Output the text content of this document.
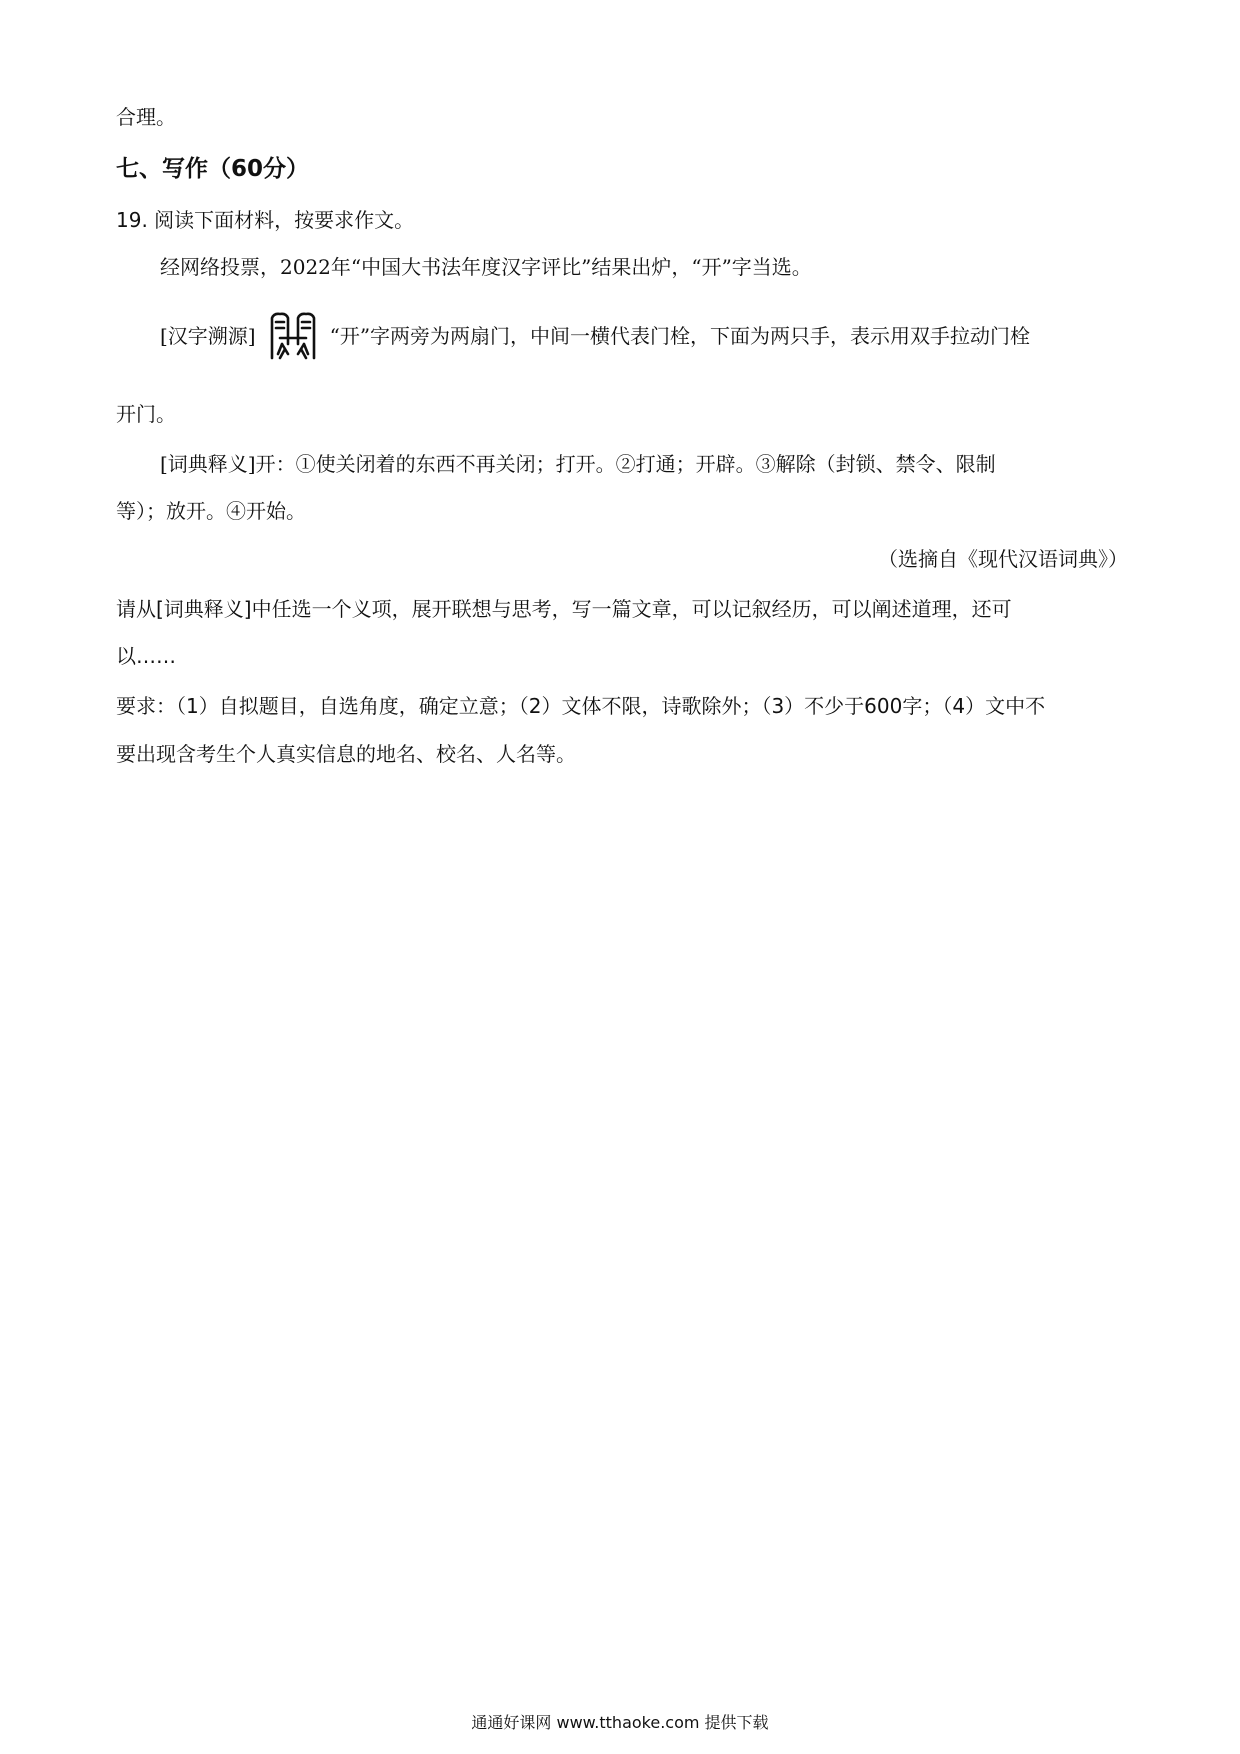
合理。
七、写作（60分）
19. 阅读下面材料，按要求作文。
经网络投票，2022年“中国大书法年度汉字评比”结果出炉，“开”字当选。
[汉字溯源]	“开”字两旁为两扇门，中间一横代表门栓，下面为两只手，表示用双手拉动门栓
开门。
[词典释义]开：①使关闭着的东西不再关闭；打开。②打通；开辟。③解除（封锁、禁令、限制
等）；放开。④开始。
（选摘自《现代汉语词典》）
请从[词典释义]中任选一个义项，展开联想与思考，写一篇文章，可以记叙经历，可以阐述道理，还可
以……
要求：（1）自拟题目，自选角度，确定立意；（2）文体不限，诗歌除外；（3）不少于600字；（4）文中不
要出现含考生个人真实信息的地名、校名、人名等。
通通好课网 www.tthaoke.com 提供下载
